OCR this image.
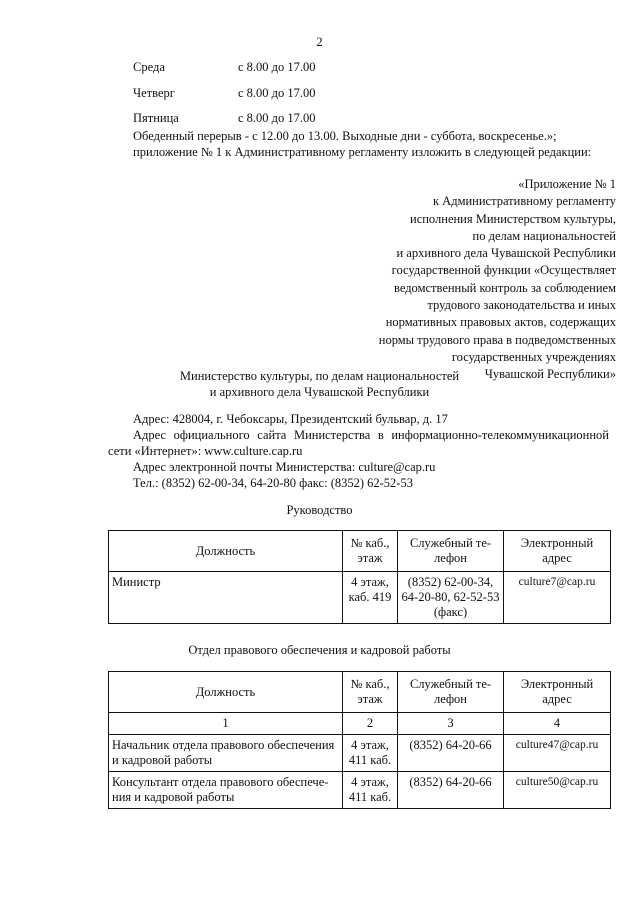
2
Среда	с 8.00 до 17.00
Четверг	с 8.00 до 17.00
Пятница	с 8.00 до 17.00
Обеденный перерыв - с 12.00 до 13.00. Выходные дни - суббота, воскресенье.»;
приложение № 1 к Административному регламенту изложить в следующей редакции:
«Приложение № 1
к Административному регламенту
исполнения Министерством культуры,
по делам национальностей
и архивного дела Чувашской Республики
государственной функции «Осуществляет
ведомственный контроль за соблюдением
трудового законодательства и иных
нормативных правовых актов, содержащих
нормы трудового права в подведомственных
государственных учреждениях
Чувашской Республики»
Министерство культуры, по делам национальностей
и архивного дела Чувашской Республики
Адрес: 428004, г. Чебоксары, Президентский бульвар, д. 17
Адрес официального сайта Министерства в информационно-телекоммуникационной
сети «Интернет»: www.culture.cap.ru
Адрес электронной почты Министерства: culture@cap.ru
Тел.: (8352) 62-00-34, 64-20-80 факс: (8352) 62-52-53
Руководство
Должность	№ каб., этаж	Служебный те- лефон	Электронный адрес
Министр	4 этаж, каб. 419	(8352) 62-00-34, 64-20-80, 62-52-53 (факс)	culture7@cap.ru
Отдел правового обеспечения и кадровой работы
Должность	№ каб., этаж	Служебный те- лефон	Электронный адрес
1	2	3	4
Начальник отдела правового обеспечения и кадровой работы	4 этаж, 411 каб.	(8352) 64-20-66	culture47@cap.ru
Консультант отдела правового обеспече- ния и кадровой работы	4 этаж, 411 каб.	(8352) 64-20-66	culture50@cap.ru
